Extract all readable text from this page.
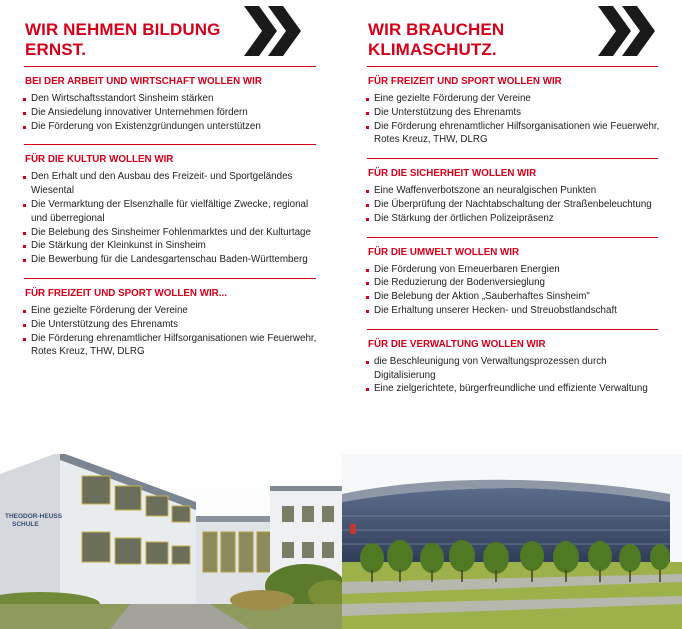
WIR NEHMEN BILDUNG
ERNST.
BEI DER ARBEIT UND WIRTSCHAFT WOLLEN WIR
Den Wirtschaftsstandort Sinsheim stärken
Die Ansiedelung innovativer Unternehmen fördern
Die Förderung von Existenzgründungen unterstützen
FÜR DIE KULTUR WOLLEN WIR
Den Erhalt und den Ausbau des Freizeit- und Sportgeländes Wiesental
Die Vermarktung der Elsenzhalle für vielfältige Zwecke, regional und überregional
Die Belebung des Sinsheimer Fohlenmarktes und der Kulturtage
Die Stärkung der Kleinkunst in Sinsheim
Die Bewerbung für die Landesgartenschau Baden-Württemberg
FÜR FREIZEIT UND SPORT WOLLEN WIR...
Eine gezielte Förderung der Vereine
Die Unterstützung des Ehrenamts
Die Förderung ehrenamtlicher Hilfsorganisationen wie Feuerwehr, Rotes Kreuz, THW, DLRG
WIR BRAUCHEN
KLIMASCHUTZ.
FÜR FREIZEIT UND SPORT WOLLEN WIR
Eine gezielte Förderung der Vereine
Die Unterstützung des Ehrenamts
Die Förderung ehrenamtlicher Hilfsorganisationen wie Feuerwehr, Rotes Kreuz, THW, DLRG
FÜR DIE SICHERHEIT WOLLEN WIR
Eine Waffenverbotszone an neuralgischen Punkten
Die Überprüfung der Nachtabschaltung der Straßenbeleuchtung
Die Stärkung der örtlichen Polizeipräsenz
FÜR DIE UMWELT WOLLEN WIR
Die Förderung von Erneuerbaren Energien
Die Reduzierung der Bodenversieglung
Die Belebung der Aktion „Sauberhaftes Sinsheim"
Die Erhaltung unserer Hecken- und Streuobstlandschaft
FÜR DIE VERWALTUNG WOLLEN WIR
die Beschleunigung von Verwaltungsprozessen durch Digitalisierung
Eine zielgerichtete, bürgerfreundliche und effiziente Verwaltung
THEODOR-HEUSS
SCHULE
